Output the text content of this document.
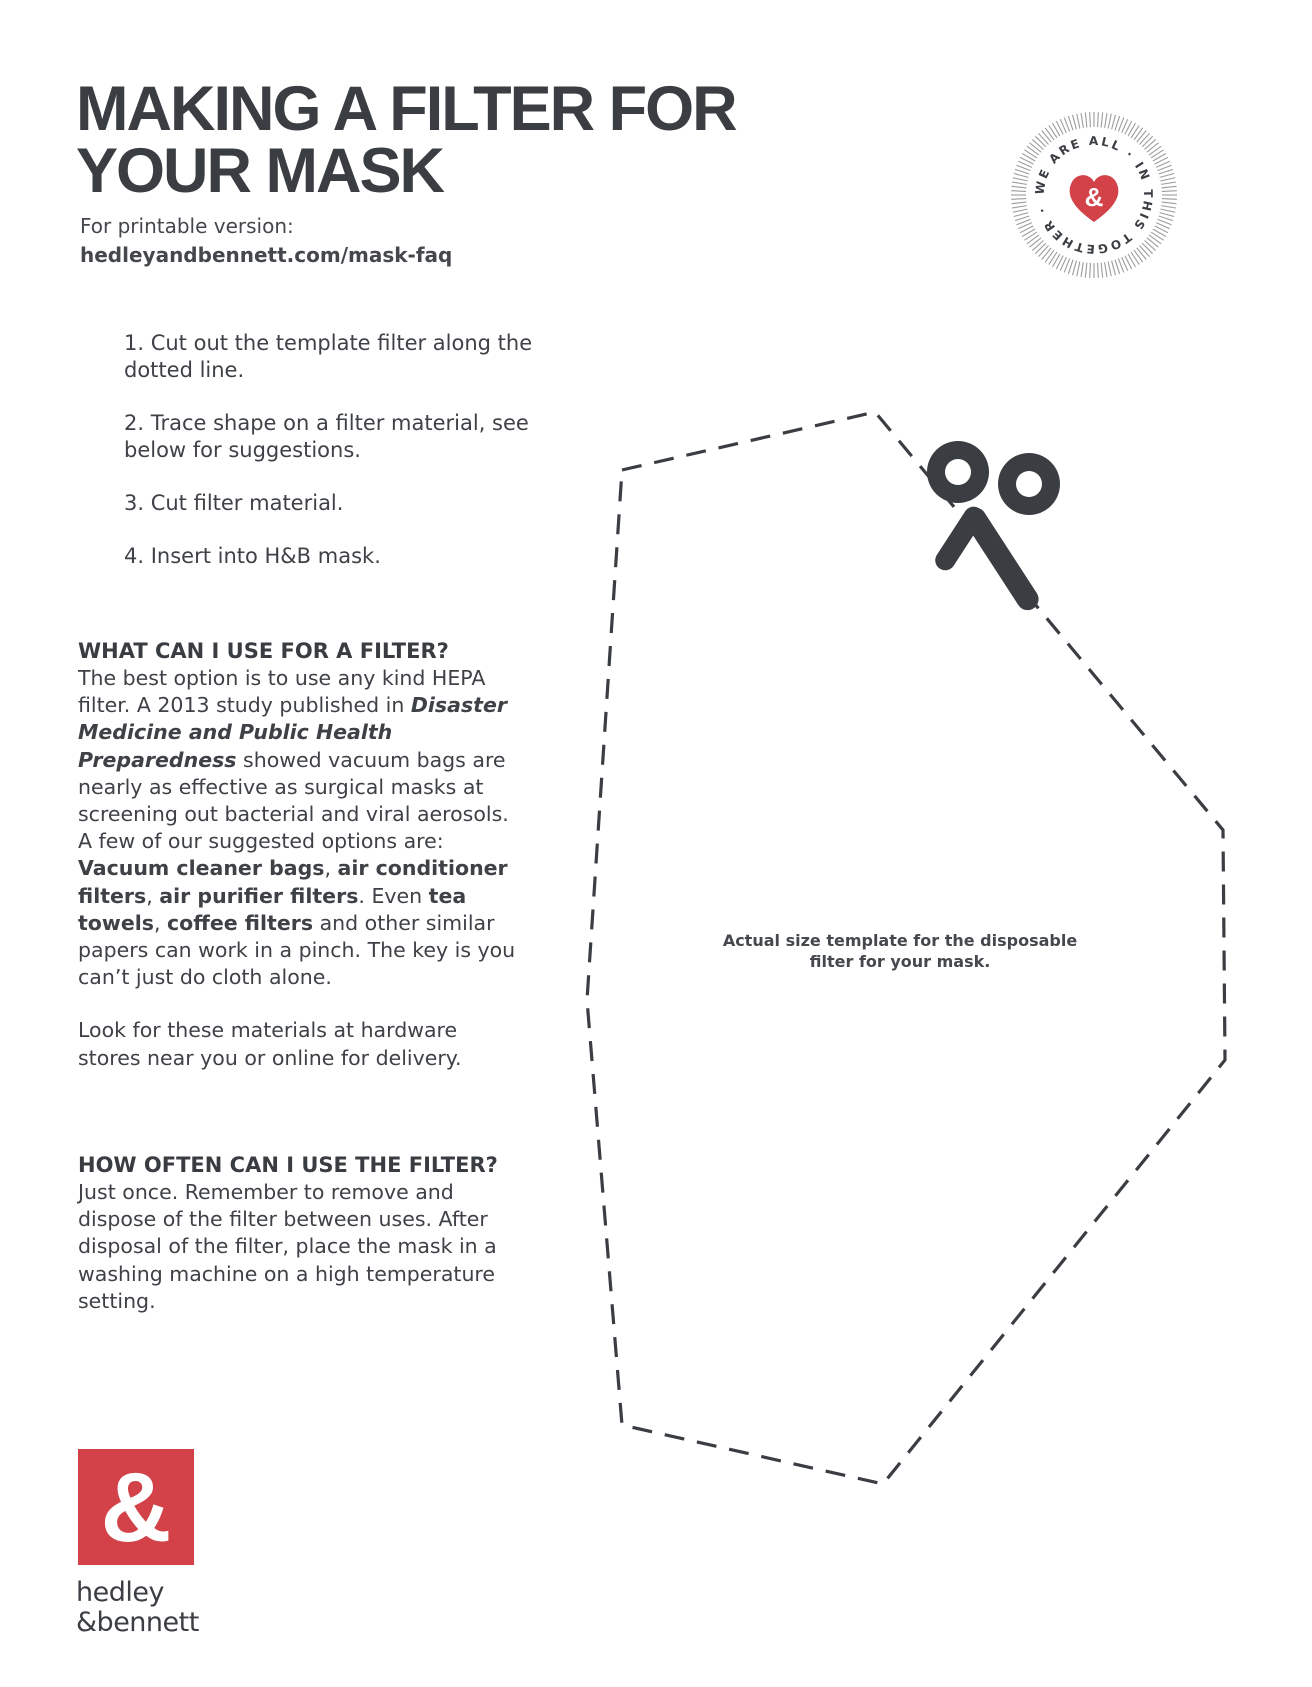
MAKING A FILTER FOR
YOUR MASK
For printable version:
hedleyandbennett.com/mask-faq
WE ARE ALL · IN THIS TOGETHER ·	&
1. Cut out the template filter along the dotted line.
2. Trace shape on a filter material, see below for suggestions.
3. Cut filter material.
4. Insert into H&B mask.
WHAT CAN I USE FOR A FILTER?

The best option is to use any kind HEPA filter. A 2013 study published in Disaster Medicine and Public Health Preparedness showed vacuum bags are nearly as effective as surgical masks at screening out bacterial and viral aerosols. A few of our suggested options are: Vacuum cleaner bags, air conditioner filters, air purifier filters. Even tea towels, coffee filters and other similar papers can work in a pinch. The key is you can’t just do cloth alone.

Look for these materials at hardware stores near you or online for delivery.

HOW OFTEN CAN I USE THE FILTER?

Just once. Remember to remove and dispose of the filter between uses. After disposal of the filter, place the mask in a washing machine on a high temperature setting.

Actual size template for the disposable filter for your mask.
&
hedley
&bennett
